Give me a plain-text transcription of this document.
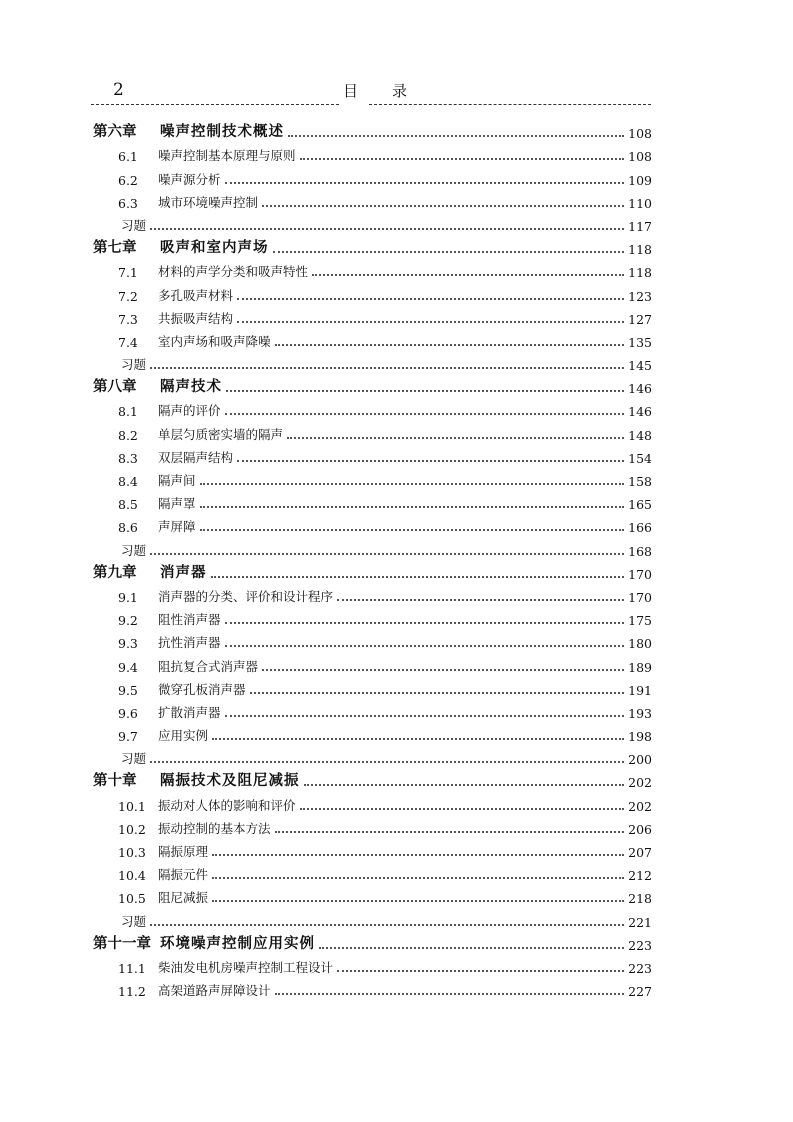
2	目录
第六章	噪声控制技术概述	108
6.1	噪声控制基本原理与原则	108
6.2	噪声源分析	109
6.3	城市环境噪声控制	110
习题	117
第七章	吸声和室内声场	118
7.1	材料的声学分类和吸声特性	118
7.2	多孔吸声材料	123
7.3	共振吸声结构	127
7.4	室内声场和吸声降噪	135
习题	145
第八章	隔声技术	146
8.1	隔声的评价	146
8.2	单层匀质密实墙的隔声	148
8.3	双层隔声结构	154
8.4	隔声间	158
8.5	隔声罩	165
8.6	声屏障	166
习题	168
第九章	消声器	170
9.1	消声器的分类、评价和设计程序	170
9.2	阻性消声器	175
9.3	抗性消声器	180
9.4	阻抗复合式消声器	189
9.5	微穿孔板消声器	191
9.6	扩散消声器	193
9.7	应用实例	198
习题	200
第十章	隔振技术及阻尼减振	202
10.1 振动对人体的影响和评价	202
10.2 振动控制的基本方法	206
10.3 隔振原理	207
10.4 隔振元件	212
10.5 阻尼减振	218
习题	221
第十一章 环境噪声控制应用实例	223
11.1 柴油发电机房噪声控制工程设计	223
11.2 高架道路声屏障设计	227
